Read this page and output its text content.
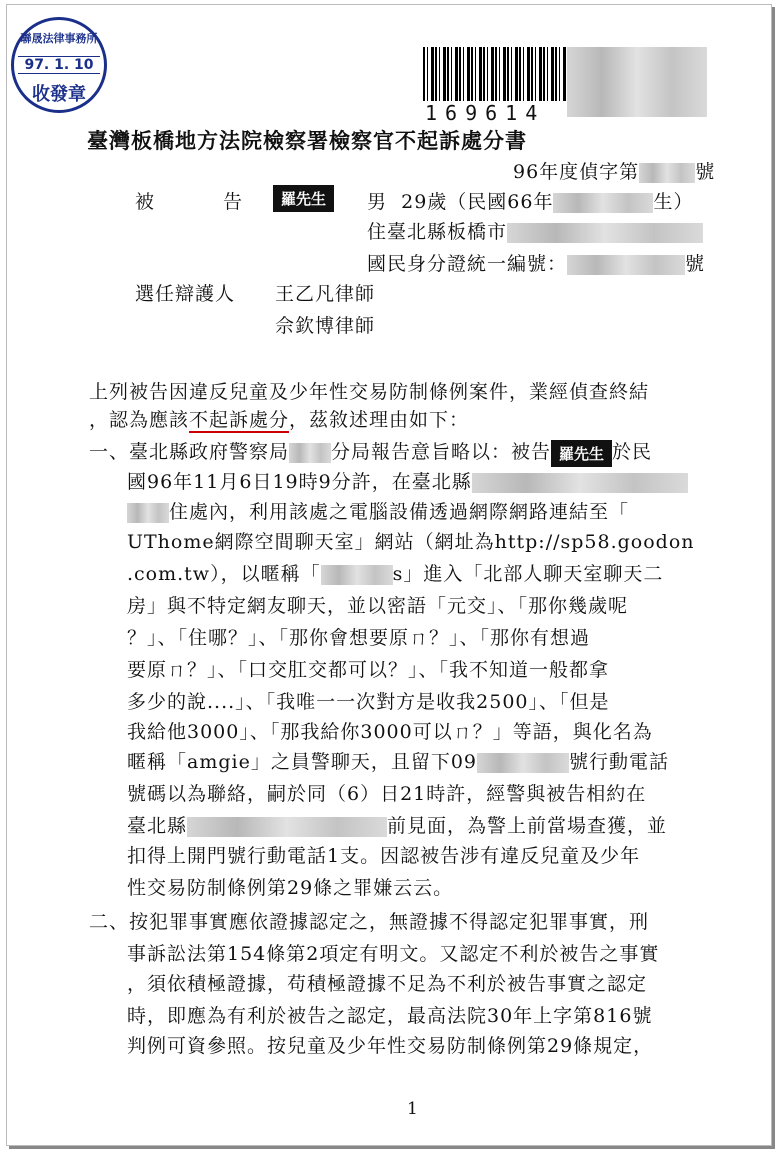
聯晟法律事務所
97. 1. 10
收發章
169614
臺灣板橋地方法院檢察署檢察官不起訴處分書
96年度偵字第	號
被	告	羅先生	男 29歲（民國66年	生）
住臺北縣板橋市
國民身分證統一編號：	號
選任辯護人 王乙凡律師
佘欽博律師
上列被告因違反兒童及少年性交易防制條例案件，業經偵查終結
，認為應該不起訴處分，茲敘述理由如下：
一、臺北縣政府警察局 分局報告意旨略以：被告 羅先生 於民
國96年11月6日19時9分許，在臺北縣
住處內，利用該處之電腦設備透過網際網路連結至「
UThome網際空間聊天室」網站（網址為http://sp58.goodon
.com.tw），以暱稱「	s」進入「北部人聊天室聊天二
房」與不特定網友聊天，並以密語「元交」、「那你幾歲呢
？」、「住哪？」、「那你會想要原ㄇ？」、「那你有想過
要原ㄇ？」、「口交肛交都可以？」、「我不知道一般都拿
多少的說....」、「我唯一一次對方是收我2500」、「但是
我給他3000」、「那我給你3000可以ㄇ？」等語，與化名為
暱稱「amgie」之員警聊天，且留下09	號行動電話
號碼以為聯絡，嗣於同（6）日21時許，經警與被告相約在
臺北縣	前見面，為警上前當場查獲，並
扣得上開門號行動電話1支。因認被告涉有違反兒童及少年
性交易防制條例第29條之罪嫌云云。
二、按犯罪事實應依證據認定之，無證據不得認定犯罪事實，刑
事訴訟法第154條第2項定有明文。又認定不利於被告之事實
，須依積極證據，苟積極證據不足為不利於被告事實之認定
時，即應為有利於被告之認定，最高法院30年上字第816號
判例可資參照。按兒童及少年性交易防制條例第29條規定，
1
